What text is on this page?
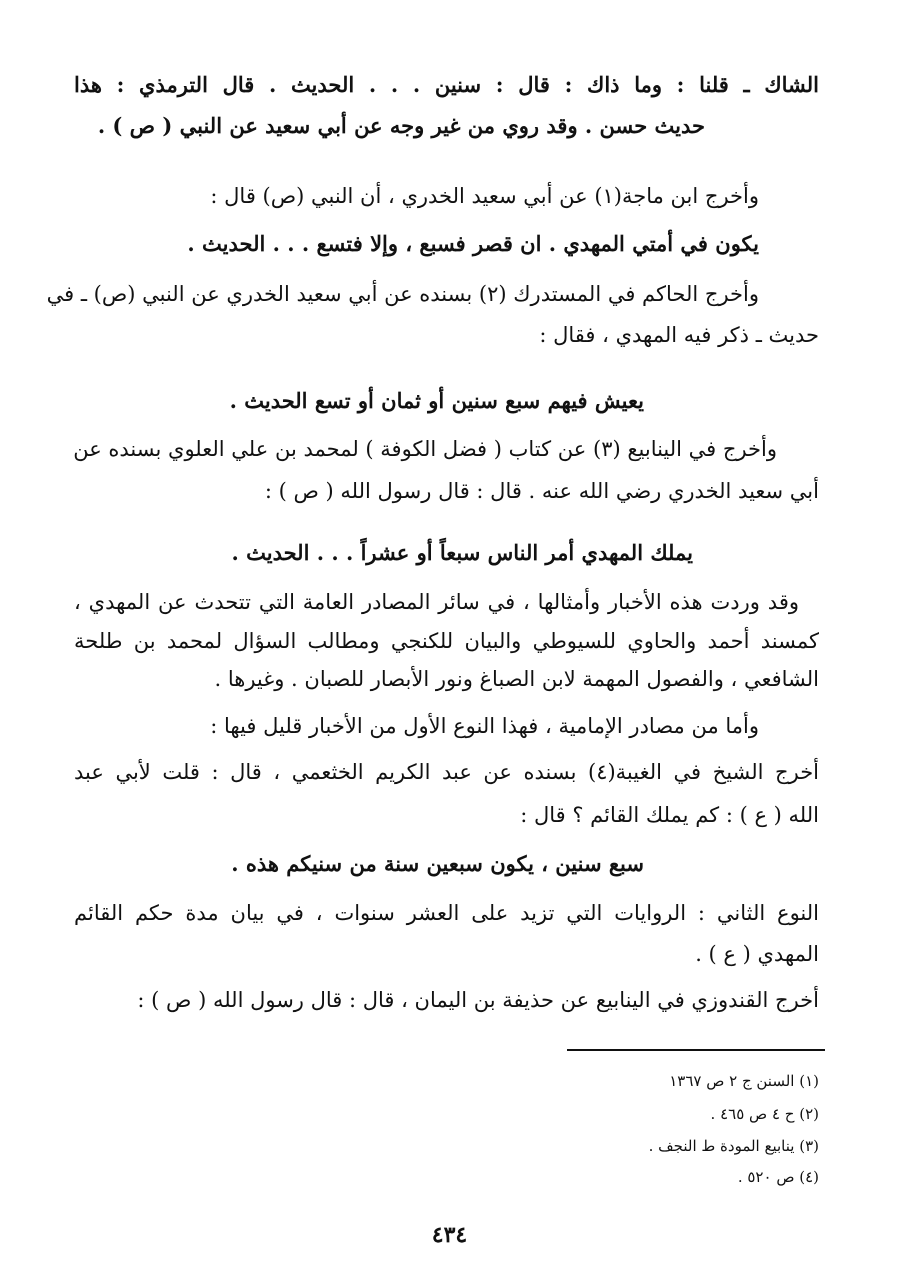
الشاك ـ قلنا : وما ذاك : قال : سنين . . . الحديث . قال الترمذي : هذا
حديث حسن . وقد روي من غير وجه عن أبي سعيد عن النبي ( ص ) .
وأخرج ابن ماجة(١) عن أبي سعيد الخدري ، أن النبي (ص) قال :
يكون في أمتي المهدي . ان قصر فسبع ، وإلا فتسع . . . الحديث .
وأخرج الحاكم في المستدرك (٢) بسنده عن أبي سعيد الخدري عن النبي (ص) ـ في
حديث ـ ذكر فيه المهدي ، فقال :
يعيش فيهم سبع سنين أو ثمان أو تسع الحديث .
وأخرج في الينابيع (٣) عن كتاب ( فضل الكوفة ) لمحمد بن علي العلوي بسنده عن
أبي سعيد الخدري رضي الله عنه . قال : قال رسول الله ( ص ) :
يملك المهدي أمر الناس سبعاً أو عشراً . . . الحديث .
وقد وردت هذه الأخبار وأمثالها ، في سائر المصادر العامة التي تتحدث عن المهدي ،
كمسند أحمد والحاوي للسيوطي والبيان للكنجي ومطالب السؤال لمحمد بن طلحة
الشافعي ، والفصول المهمة لابن الصباغ ونور الأبصار للصبان . وغيرها .
وأما من مصادر الإمامية ، فهذا النوع الأول من الأخبار قليل فيها :
أخرج الشيخ في الغيبة(٤) بسنده عن عبد الكريم الخثعمي ، قال : قلت لأبي عبد
الله ( ع ) : كم يملك القائم ؟ قال :
سبع سنين ، يكون سبعين سنة من سنيكم هذه .
النوع الثاني : الروايات التي تزيد على العشر سنوات ، في بيان مدة حكم القائم
المهدي ( ع ) .
أخرج القندوزي في الينابيع عن حذيفة بن اليمان ، قال : قال رسول الله ( ص ) :
(١) السنن ج ٢ ص ١٣٦٧
(٢) ح ٤ ص ٤٦٥ .
(٣) ينابيع المودة ط النجف .
(٤) ص ٥٢٠ .
٤٣٤
